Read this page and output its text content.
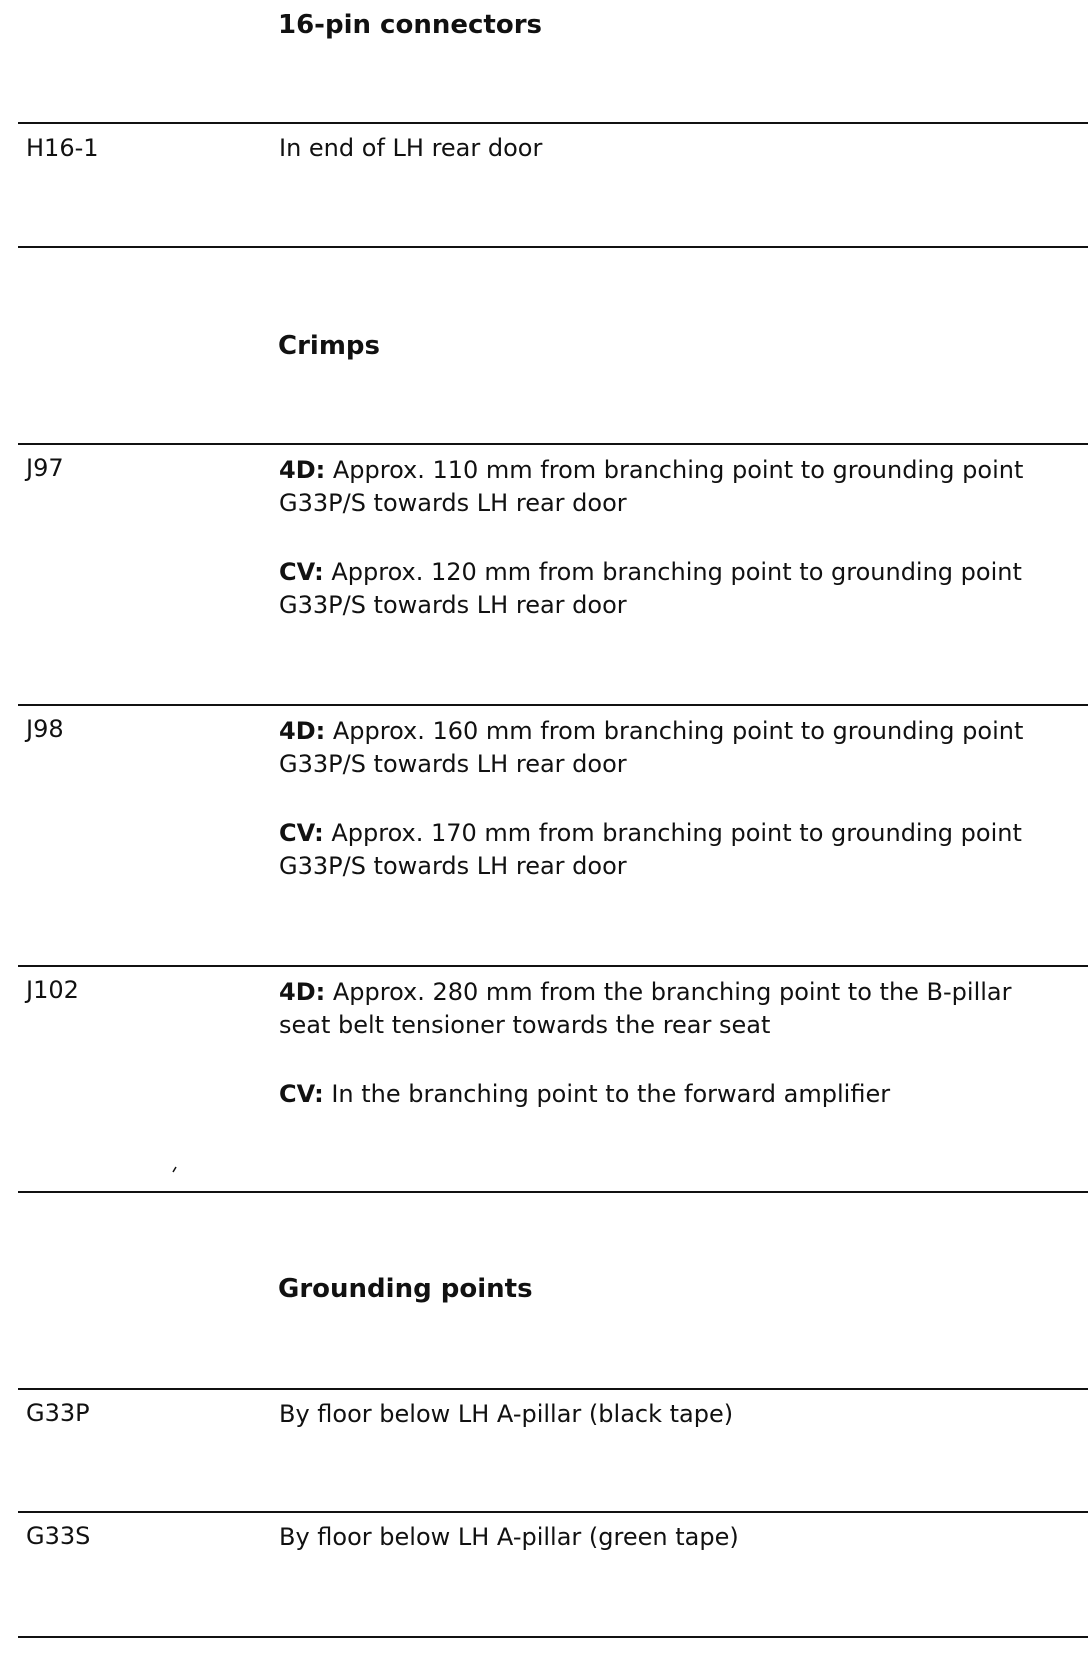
16-pin connectors
H16-1	In end of LH rear door

Crimps
J97	4D: Approx. 110 mm from branching point to grounding point G33P/S towards LH rear door

CV: Approx. 120 mm from branching point to grounding point G33P/S towards LH rear door

J98	4D: Approx. 160 mm from branching point to grounding point G33P/S towards LH rear door

CV: Approx. 170 mm from branching point to grounding point G33P/S towards LH rear door

J102	4D: Approx. 280 mm from the branching point to the B-pillar seat belt tensioner towards the rear seat

CV: In the branching point to the forward amplifier

Grounding points
G33P	By floor below LH A-pillar (black tape)

G33S	By floor below LH A-pillar (green tape)
